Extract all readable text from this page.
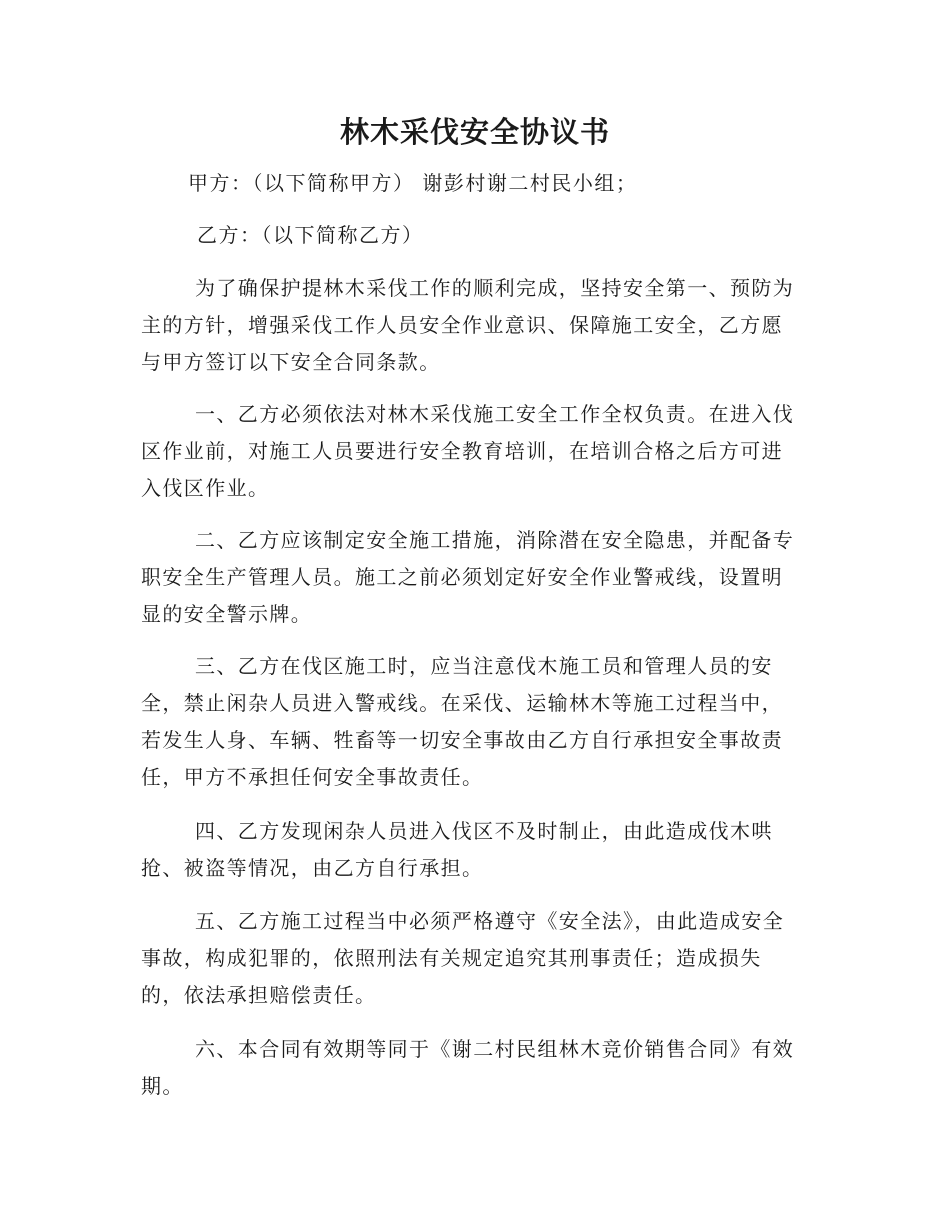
林木采伐安全协议书
甲方：（以下简称甲方） 谢彭村谢二村民小组；
乙方：（以下简称乙方）
为了确保护提林木采伐工作的顺利完成，坚持安全第一、预防为
主的方针，增强采伐工作人员安全作业意识、保障施工安全，乙方愿
与甲方签订以下安全合同条款。
一、乙方必须依法对林木采伐施工安全工作全权负责。在进入伐
区作业前，对施工人员要进行安全教育培训，在培训合格之后方可进
入伐区作业。
二、乙方应该制定安全施工措施，消除潜在安全隐患，并配备专
职安全生产管理人员。施工之前必须划定好安全作业警戒线，设置明
显的安全警示牌。
三、乙方在伐区施工时，应当注意伐木施工员和管理人员的安
全，禁止闲杂人员进入警戒线。在采伐、运输林木等施工过程当中，
若发生人身、车辆、牲畜等一切安全事故由乙方自行承担安全事故责
任，甲方不承担任何安全事故责任。
四、乙方发现闲杂人员进入伐区不及时制止，由此造成伐木哄
抢、被盗等情况，由乙方自行承担。
五、乙方施工过程当中必须严格遵守《安全法》，由此造成安全
事故，构成犯罪的，依照刑法有关规定追究其刑事责任；造成损失
的，依法承担赔偿责任。
六、本合同有效期等同于《谢二村民组林木竞价销售合同》有效
期。
